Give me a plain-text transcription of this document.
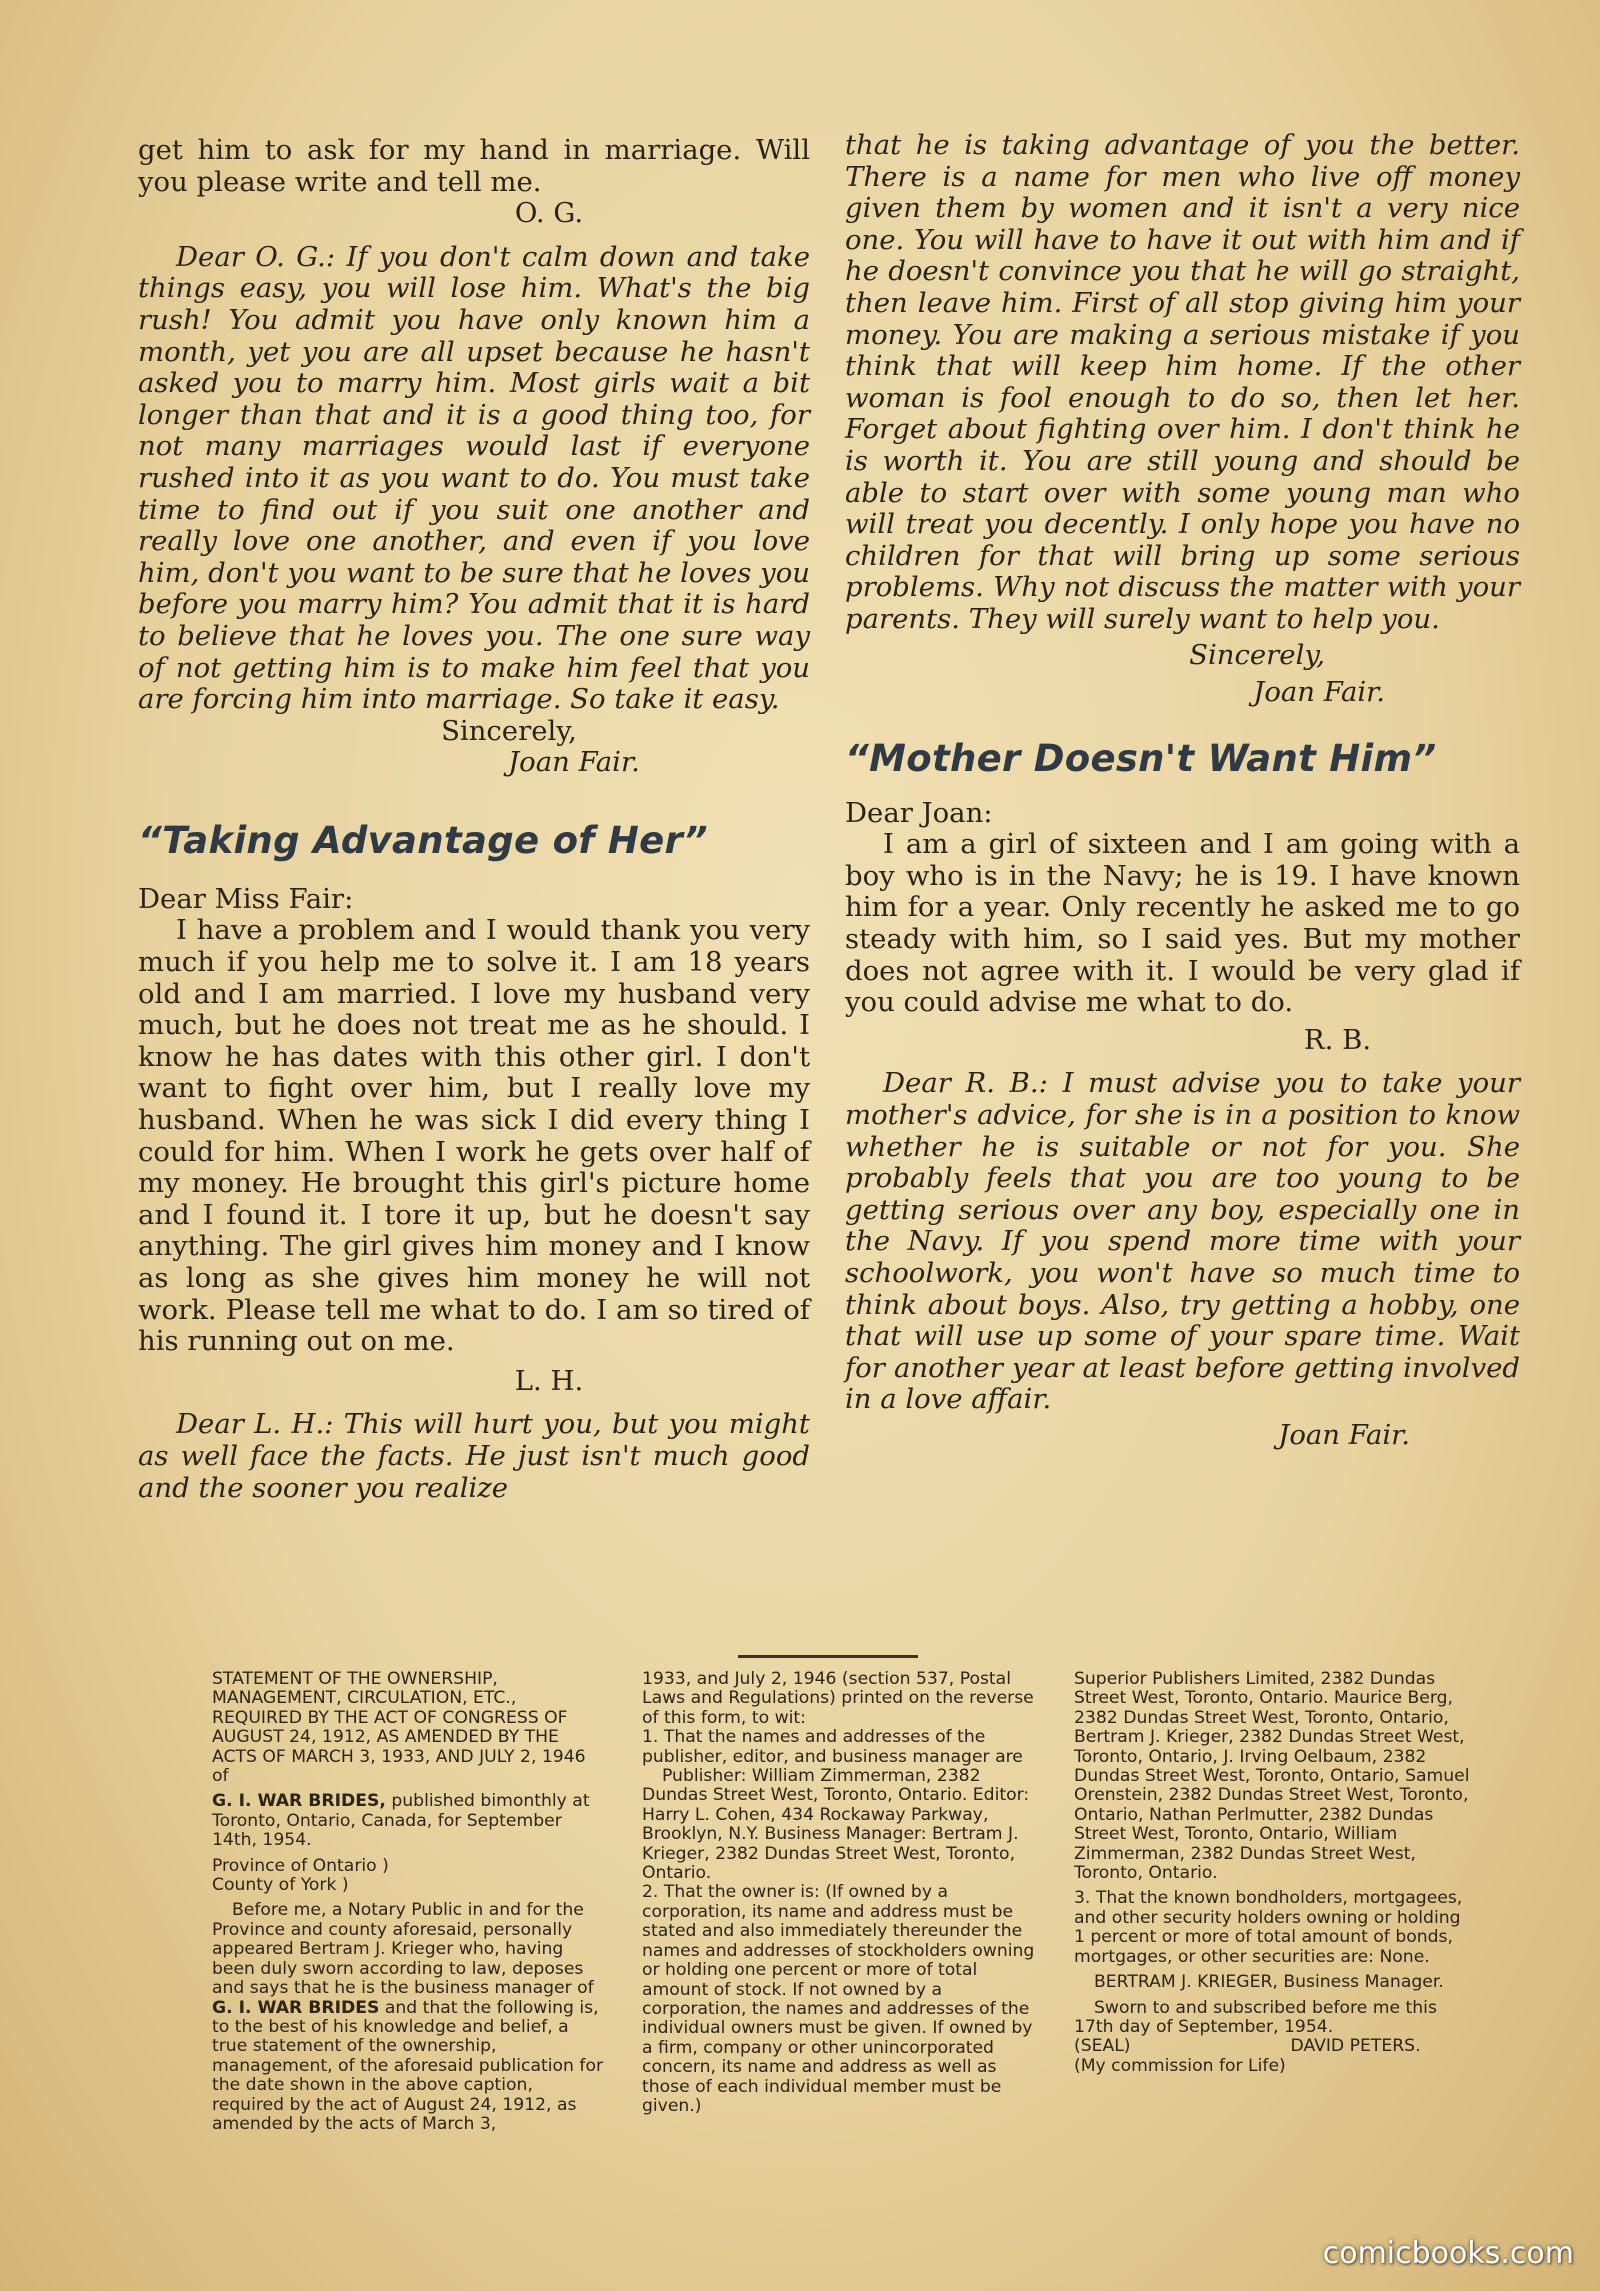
get him to ask for my hand in marriage. Will you please write and tell me.

O. G.

Dear O. G.: If you don't calm down and take things easy, you will lose him. What's the big rush! You admit you have only known him a month, yet you are all upset because he hasn't asked you to marry him. Most girls wait a bit longer than that and it is a good thing too, for not many marriages would last if everyone rushed into it as you want to do. You must take time to find out if you suit one another and really love one another, and even if you love him, don't you want to be sure that he loves you before you marry him? You admit that it is hard to believe that he loves you. The one sure way of not getting him is to make him feel that you are forcing him into marriage. So take it easy.

Sincerely,

Joan Fair.

“Taking Advantage of Her”

Dear Miss Fair:

I have a problem and I would thank you very much if you help me to solve it. I am 18 years old and I am married. I love my husband very much, but he does not treat me as he should. I know he has dates with this other girl. I don't want to fight over him, but I really love my husband. When he was sick I did every thing I could for him. When I work he gets over half of my money. He brought this girl's picture home and I found it. I tore it up, but he doesn't say anything. The girl gives him money and I know as long as she gives him money he will not work. Please tell me what to do. I am so tired of his running out on me.

L. H.

Dear L. H.: This will hurt you, but you might as well face the facts. He just isn't much good and the sooner you realize

that he is taking advantage of you the better. There is a name for men who live off money given them by women and it isn't a very nice one. You will have to have it out with him and if he doesn't convince you that he will go straight, then leave him. First of all stop giving him your money. You are making a serious mistake if you think that will keep him home. If the other woman is fool enough to do so, then let her. Forget about fighting over him. I don't think he is worth it. You are still young and should be able to start over with some young man who will treat you decently. I only hope you have no children for that will bring up some serious problems. Why not discuss the matter with your parents. They will surely want to help you.

Sincerely,

Joan Fair.

“Mother Doesn't Want Him”

Dear Joan:

I am a girl of sixteen and I am going with a boy who is in the Navy; he is 19. I have known him for a year. Only recently he asked me to go steady with him, so I said yes. But my mother does not agree with it. I would be very glad if you could advise me what to do.

R. B.

Dear R. B.: I must advise you to take your mother's advice, for she is in a position to know whether he is suitable or not for you. She probably feels that you are too young to be getting serious over any boy, especially one in the Navy. If you spend more time with your schoolwork, you won't have so much time to think about boys. Also, try getting a hobby, one that will use up some of your spare time. Wait for another year at least before getting involved in a love affair.

Joan Fair.

STATEMENT OF THE OWNERSHIP, MANAGEMENT, CIRCULATION, ETC., REQUIRED BY THE ACT OF CONGRESS OF AUGUST 24, 1912, AS AMENDED BY THE ACTS OF MARCH 3, 1933, AND JULY 2, 1946 of

G. I. WAR BRIDES, published bimonthly at Toronto, Ontario, Canada, for September 14th, 1954.

Province of Ontario )

County of York )

Before me, a Notary Public in and for the Province and county aforesaid, personally appeared Bertram J. Krieger who, having been duly sworn according to law, deposes and says that he is the business manager of G. I. WAR BRIDES and that the following is, to the best of his knowledge and belief, a true statement of the ownership, management, of the aforesaid publication for the date shown in the above caption, required by the act of August 24, 1912, as amended by the acts of March 3,

1933, and July 2, 1946 (section 537, Postal Laws and Regulations) printed on the reverse of this form, to wit:

1. That the names and addresses of the publisher, editor, and business manager are

Publisher: William Zimmerman, 2382 Dundas Street West, Toronto, Ontario. Editor: Harry L. Cohen, 434 Rockaway Parkway, Brooklyn, N.Y. Business Manager: Bertram J. Krieger, 2382 Dundas Street West, Toronto, Ontario.

2. That the owner is: (If owned by a corporation, its name and address must be stated and also immediately thereunder the names and addresses of stockholders owning or holding one percent or more of total amount of stock. If not owned by a corporation, the names and addresses of the individual owners must be given. If owned by a firm, company or other unincorporated concern, its name and address as well as those of each individual member must be given.)

Superior Publishers Limited, 2382 Dundas Street West, Toronto, Ontario. Maurice Berg, 2382 Dundas Street West, Toronto, Ontario, Bertram J. Krieger, 2382 Dundas Street West, Toronto, Ontario, J. Irving Oelbaum, 2382 Dundas Street West, Toronto, Ontario, Samuel Orenstein, 2382 Dundas Street West, Toronto, Ontario, Nathan Perlmutter, 2382 Dundas Street West, Toronto, Ontario, William Zimmerman, 2382 Dundas Street West, Toronto, Ontario.

3. That the known bondholders, mortgagees, and other security holders owning or holding 1 percent or more of total amount of bonds, mortgages, or other securities are: None.

BERTRAM J. KRIEGER, Business Manager.

Sworn to and subscribed before me this 17th day of September, 1954.

(SEAL)	DAVID PETERS.

(My commission for Life)

comicbooks.com
